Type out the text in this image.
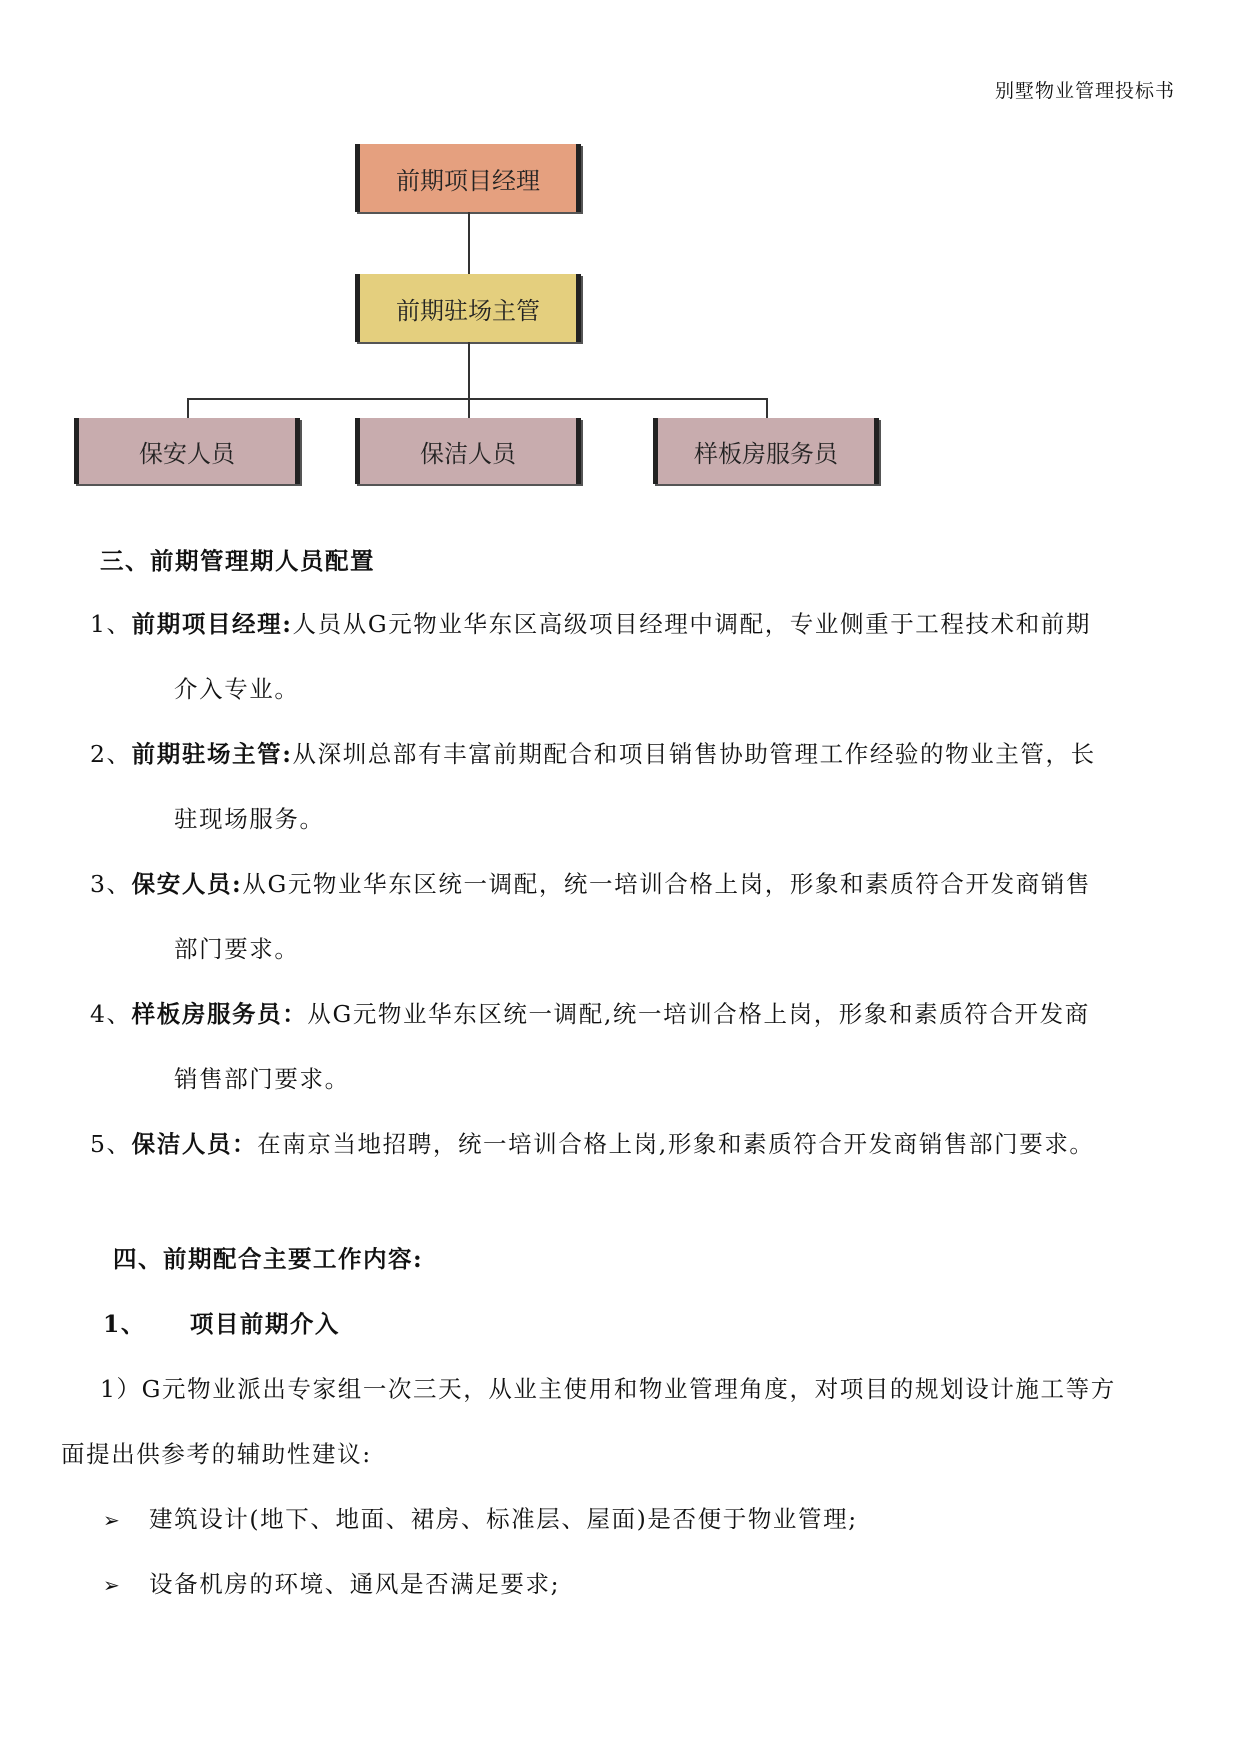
别墅物业管理投标书
前期项目经理
前期驻场主管
保安人员	保洁人员	样板房服务员
三、前期管理期人员配置
1、前期项目经理:人员从G元物业华东区高级项目经理中调配，专业侧重于工程技术和前期
介入专业。
2、前期驻场主管:从深圳总部有丰富前期配合和项目销售协助管理工作经验的物业主管，长
驻现场服务。
3、保安人员:从G元物业华东区统一调配，统一培训合格上岗，形象和素质符合开发商销售
部门要求。
4、样板房服务员：从G元物业华东区统一调配,统一培训合格上岗，形象和素质符合开发商
销售部门要求。
5、保洁人员：在南京当地招聘，统一培训合格上岗,形象和素质符合开发商销售部门要求。
四、前期配合主要工作内容:
1、 项目前期介入
1）G元物业派出专家组一次三天，从业主使用和物业管理角度，对项目的规划设计施工等方
面提出供参考的辅助性建议:
➢ 建筑设计(地下、地面、裙房、标准层、屋面)是否便于物业管理;
➢ 设备机房的环境、通风是否满足要求;
